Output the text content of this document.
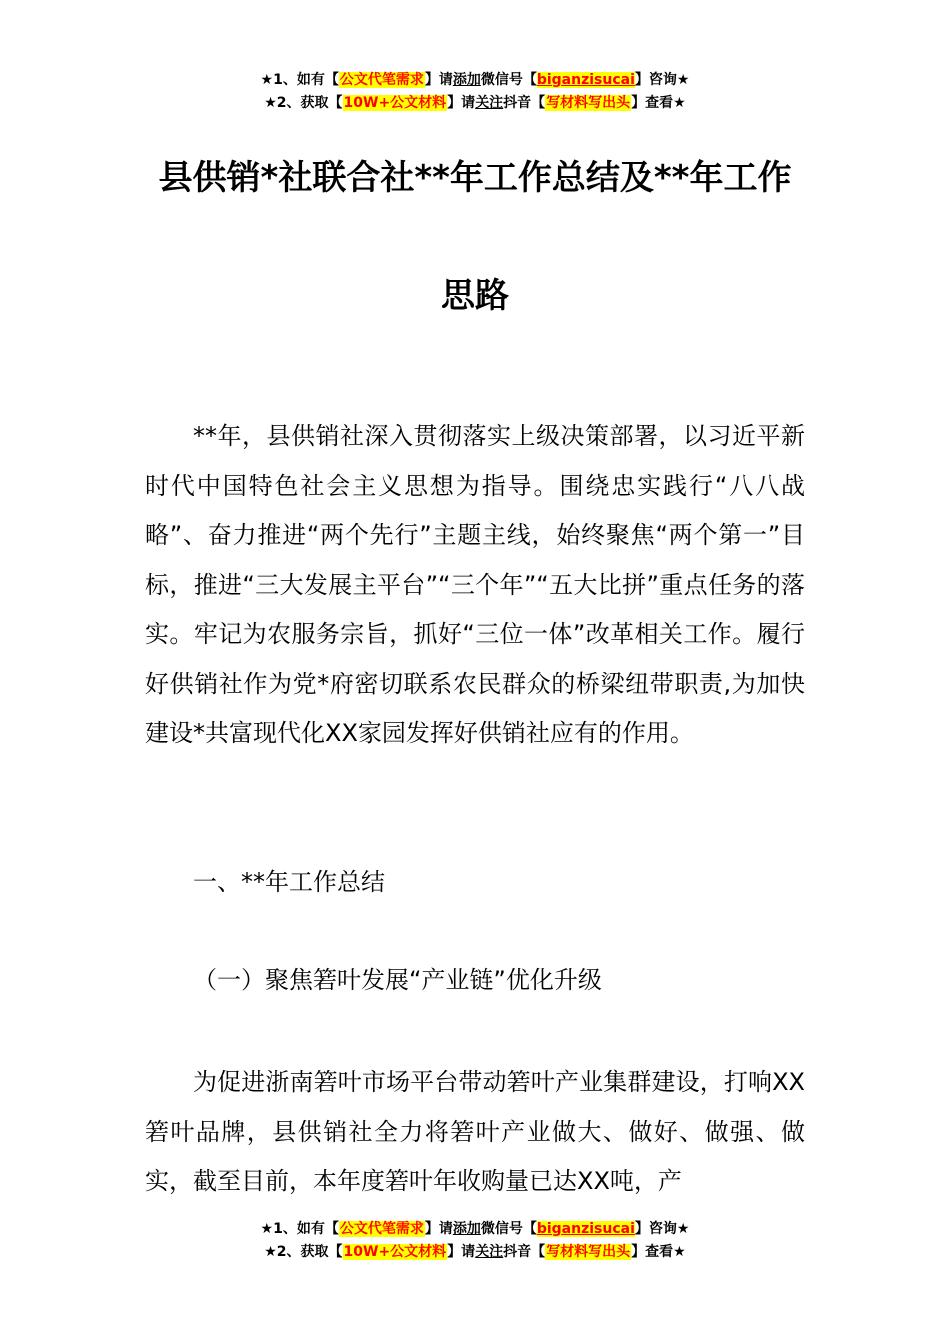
★1、如有【公文代笔需求】请添加微信号【biganzisucai】咨询★
★2、获取【10W+公文材料】请关注抖音【写材料写出头】查看★
县供销*社联合社**年工作总结及**年工作
思路
**年，县供销社深入贯彻落实上级决策部署，以习近平新时代中国特色社会主义思想为指导。围绕忠实践行“八八战略”、奋力推进“两个先行”主题主线，始终聚焦“两个第一”目标，推进“三大发展主平台”“三个年”“五大比拼”重点任务的落实。牢记为农服务宗旨，抓好“三位一体”改革相关工作。履行好供销社作为党*府密切联系农民群众的桥梁纽带职责,为加快建设*共富现代化XX家园发挥好供销社应有的作用。
一、**年工作总结
（一）聚焦箬叶发展“产业链”优化升级
为促进浙南箬叶市场平台带动箬叶产业集群建设，打响XX箬叶品牌，县供销社全力将箬叶产业做大、做好、做强、做实，截至目前，本年度箬叶年收购量已达XX吨，产
★1、如有【公文代笔需求】请添加微信号【biganzisucai】咨询★
★2、获取【10W+公文材料】请关注抖音【写材料写出头】查看★
